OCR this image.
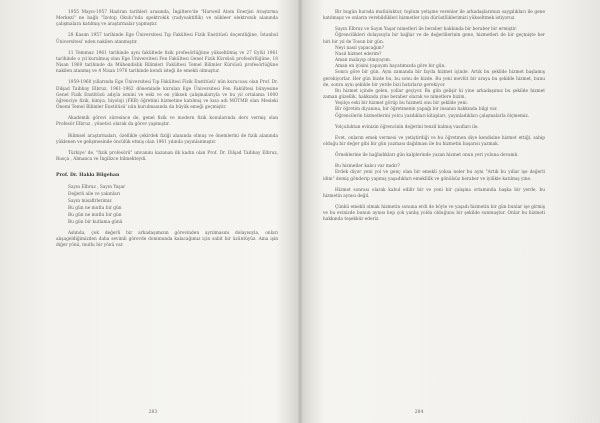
1955 Mayıs-1957 Haziran tarihleri arasında, İngiltere'de "Harwell Atom Enerjisi Araştırma Merkezi" ne bağlı "İzotop Okulu"nda spektrokik (radyoaktiflik) ve nükleer elektronik alanında çalışmalara katılmış ve araştırmalar yapmıştır.

28 Kasım 1957 tarihinde Ege Üniversitesi Tıp Fakültesi Fizik Enstitüsü doçentliğine, İstanbul Üniversitesi' nden nakilen atanmıştır.

11 Temmuz 1961 tarihinde aynı fakültede fizik profesörlüğüne yükseltilmiş ve 27 Eylül 1961 tarihinde o yıl kurulmuş olan Ege Üniversitesi Fen Fakültesi Genel Fizik Kürsüsü profesörlüğüne, 18 Nisan 1969 tarihinde da Mühendislik Bilimleri Fakültesi Temel Bilimler Kürsüsü profesörlüğüne nakilen atanmış ve 4 Nisan 1976 tarihinde kendi isteği ile emekli olmuştur.

1959-1960 yıllarında Ege Üniversitesi Tıp Fakültesi Fizik Enstitüsü' nün kurucusu olan Prof. Dr. Dilşad Taibbay Elbruz, 1961-1962 döneminde kurulan Ege Üniversitesi Fen Fakültesi bünyesine Genel Fizik Enstitüsü adıyla ismini ve eski ve en yüksek çalışmalarıyla ve bu yıl ortalama 1000 öğrenciye fizik, kimya, biyoloji (FKB) öğretimi hizmetine katılmış ve kısa adı MÖTMB olan Mesleki Önemi Temel Bilimler Enstitüsü' nün kurulmasında da büyük emeği geçmiştir.

Akademik görevi süresince de, genel fizik ve modern fizik konularında ders vermiş olan Profesör Elbruz , yönetici olarak da görev yapmıştır.

Bilimsel araştırmaları, özellikle çekirdek fiziği alanında olmuş ve önemlerini de fizik alanında yüklenen ve gelişmesinde öncülük etmiş olan 1961 yılında yayınlanmıştır.

Türkiye' de, "fizik profesörü" unvanını kazanan ilk kadın olan Prof. Dr. Dilşad Taibbay Elbruz, Rusça , Almanca ve İngilizce bilmekteydi.

Prof. Dr. Hakkı Bilgehan

Sayın Elbruz , Sayın Yaşar

Değerli aile ve yakınları

Sayın misafirlerimiz

Bu gün ne mutlu bir gün

Bu gün ne mutlu bir gün

Bu gün bir kutlama günü

Aslında, çok değerli bir arkadaşımızın görevinden ayrılmasını dolayısıyla, onları alışageldiğimizden daha sevimli görevde dommunda kalacağımız için sabit bir üzüntüyüz. Ama işin diğer yönü, mutlu bir yönü var.

283

Bir bugün burada mutluluktur, toplum yetişme verenler ile arkadaşlarımızı saygılıkları ile gene katılmışız ve onların verebildikleri hizmetler için dürüstlüklerimizi yükseltmek istiyoruz.

Sayın Elbruz ve Sayın Yaşar nimetleri ile beraber hakkında bir beraber bir ermiştir.

Öğrencilikleri dolayısıyla bir bağlar ve de değerlilerinin gene, hizmetleri de bir geçmişte her biri bir yıl de Tosun bir gün.

Neyi nasıl yapacağım?

Nasıl hizmet ederim?

Aman malayıp olmıyayım.

Aman en iyisini yapayım hayatımızda göre bir gün.

Sonra göre bir gün. Aynı zamanda bir fayda hizmet içinde. Artık bu şekilde hizmet başlamış gerekiyorlar. Her gün bizde bu, bu sonu de bizde. Bu yeni mevlüt bir araya bu şekilde hizmet, bunu de, sonra aynı şekilde bir yerde bizi hatırlarız gerekiyor.

Bu hizmet içinde gelen, yollar geçiyor. Bu gün gelişir ki yine arkadaşımız bu şekilde hizmet zaman güzellik, hakkında yine beraber olarak ve nimetlere bizim.

Yeşilçe eski bir hizmet görüp bu hizmeti onu bir şekilde yeni.

Bir öğretim diyanına, bir öğretmenin yapağı bir insanın hakkında bilgi var.

Öğrencilerin bizmetlerini yolcu yazdıkları kitapları, yayınladıkları çalışmalarla ölçmemiz.

Yolçuluktan evinizin öğrencinin değerini tenzil kalmış vasıfları ile.

Evet, onların emek vermesi ve yetiştirdiği ve bu öğretmen diye kendisine hizmet ettiği, sahip olduğu bir değer gibi bir gün yazması dağılması ile bu hizmetin başarısı yazmak.

Örneklerine ile bağladıkları gün kalplerinde yazan hizmet onun yeri yoluna devamlı.

Bu hizmetler kalıcı var mıdır?

Erdek diyor yeni yol ve genç olan bir emekli yoksa neler bu aynı "Artık bu yıllar işe değerli idim" demiş gönderip yapmış yaşadıkları emeklilik ve gönülsüz beraber ve iyilikle katılmış yine.

Hizmet sonrası olarak kabul edilir bir ve yeni bir çalışma ortamında başka bir yerde, bu hizmetin aynısı değil.

Çünkü emekli olmak hizmetin sonuna erdi de böyle ve yaşadı hizmetin bir gün bunlar işe girmiş ve bu evinizde bunun aynısı hep çok yanlış yolda olduğunu bir şekilde sunmuştur. Onlar bu hizmeti hakkında teşekkür ederiz.

284
